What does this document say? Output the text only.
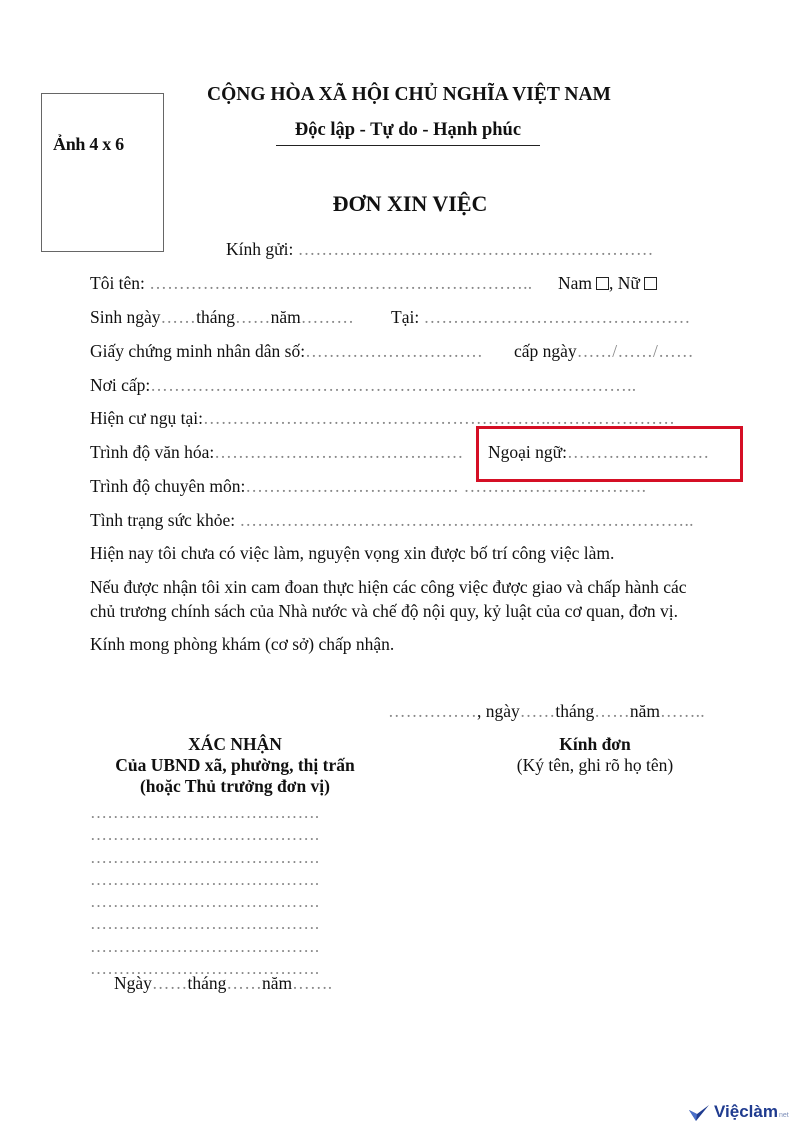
Ảnh 4 x 6
CỘNG HÒA XÃ HỘI CHỦ NGHĨA VIỆT NAM
Độc lập - Tự do - Hạnh phúc
ĐƠN XIN VIỆC
Kính gửi: ……………………………………………………
Tôi tên: ……………………………………………………….. Nam , Nữ
Sinh ngày……tháng……năm……… Tại: ………………………………………
Giấy chứng minh nhân dân số:………………………… cấp ngày……/……/……
Nơi cấp:………………………………………………...……………………..
Hiện cư ngụ tại:…………………………………………………..…………………
Trình độ văn hóa:…………………………………… Ngoại ngữ:……………………
Trình độ chuyên môn:……………………………… ………………………….
Tình trạng sức khỏe: …………………………………………………………………..
Hiện nay tôi chưa có việc làm, nguyện vọng xin được bố trí công việc làm.
Nếu được nhận tôi xin cam đoan thực hiện các công việc được giao và chấp hành các
chủ trương chính sách của Nhà nước và chế độ nội quy, kỷ luật của cơ quan, đơn vị.
Kính mong phòng khám (cơ sở) chấp nhận.
……………, ngày……tháng……năm……..
XÁC NHẬN
Của UBND xã, phường, thị trấn
(hoặc Thủ trưởng đơn vị)
………………………………….
………………………………….
………………………………….
………………………………….
………………………………….
………………………………….
………………………………….
………………………………….
Ngày……tháng……năm…….
Kính đơn
(Ký tên, ghi rõ họ tên)
Việclàm net
